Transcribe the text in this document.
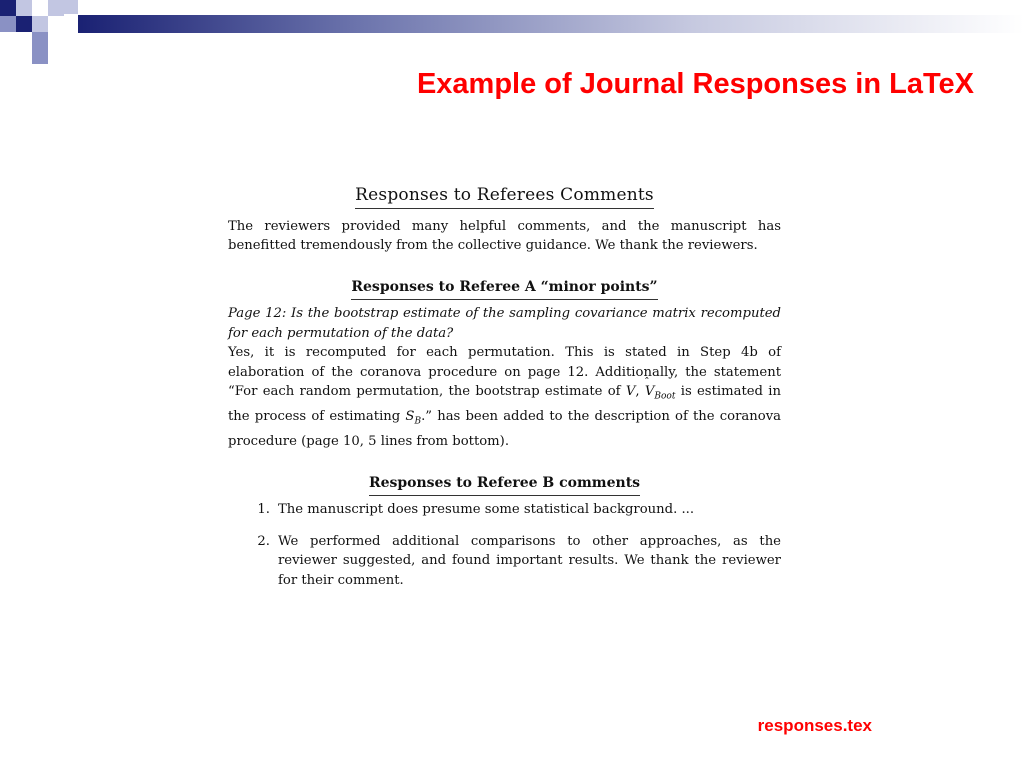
Example of Journal Responses in LaTeX
Responses to Referees Comments

The reviewers provided many helpful comments, and the manuscript has benefitted tremendously from the collective guidance. We thank the reviewers.

Responses to Referee A “minor points”

Page 12: Is the bootstrap estimate of the sampling covariance matrix recomputed for each permutation of the data?

Yes, it is recomputed for each permutation. This is stated in Step 4b of elaboration of the coranova procedure on page 12. Additionally, the statement “For each random permutation, the bootstrap estimate of V,
$V_{Boot}$ is estimated in the process of estimating $S_B$.” has been added to the description of the coranova procedure (page 10, 5 lines from bottom).

Responses to Referee B comments
1. The manuscript does presume some statistical background. ...
2. We performed additional comparisons to other approaches, as the reviewer suggested, and found important results. We thank the reviewer for their comment.

responses.tex
